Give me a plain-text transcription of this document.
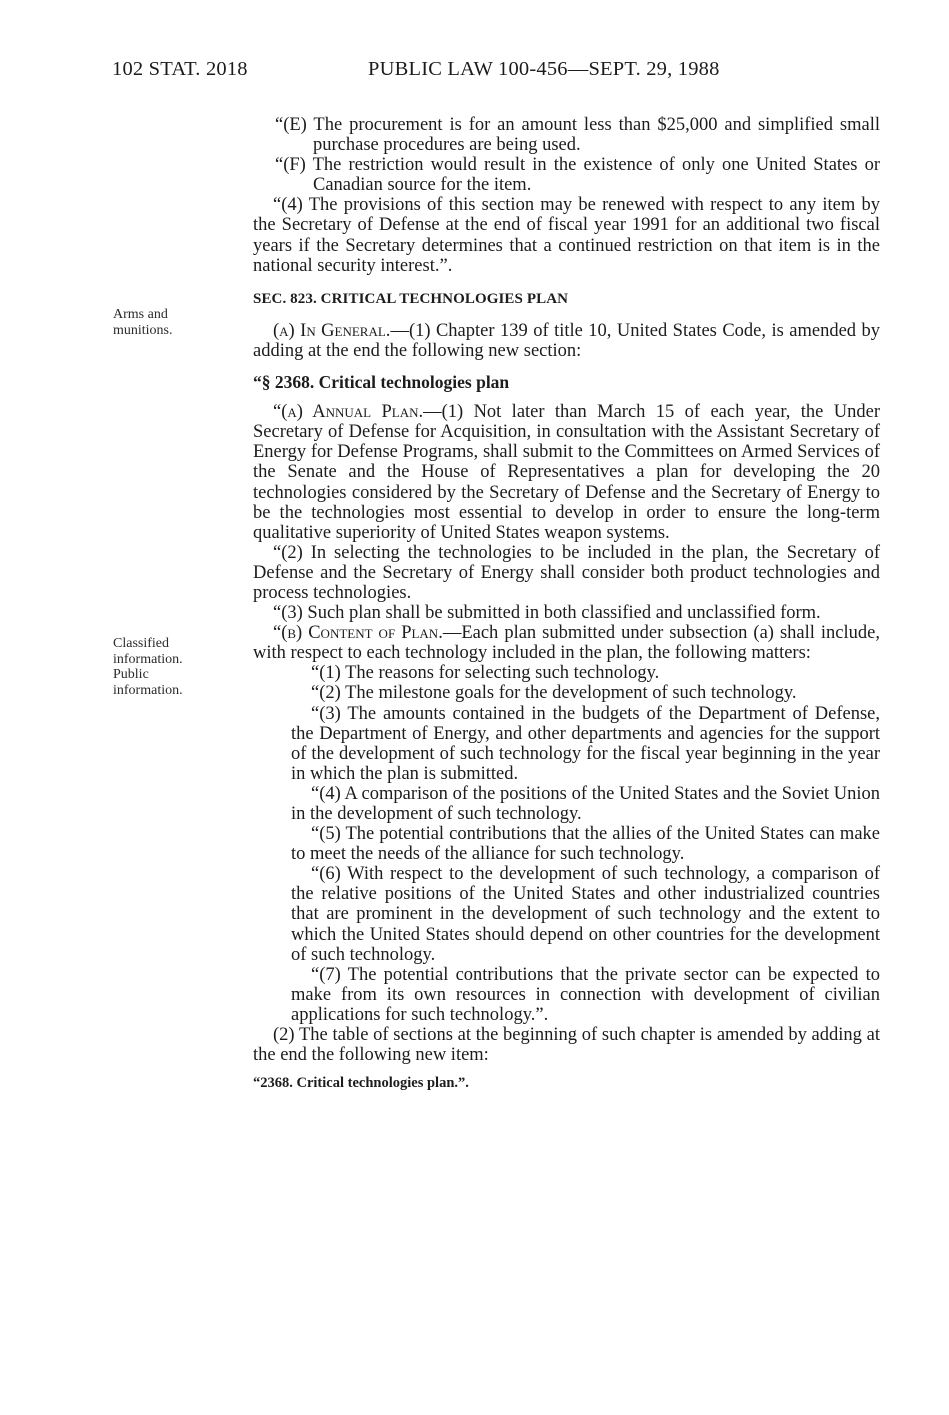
102 STAT. 2018	PUBLIC LAW 100-456—SEPT. 29, 1988
Arms and
munitions.
Classified
information.
Public
information.

“(E) The procurement is for an amount less than $25,000 and simplified small purchase procedures are being used.

“(F) The restriction would result in the existence of only one United States or Canadian source for the item.

“(4) The provisions of this section may be renewed with respect to any item by the Secretary of Defense at the end of fiscal year 1991 for an additional two fiscal years if the Secretary determines that a continued restriction on that item is in the national security interest.”.

SEC. 823. CRITICAL TECHNOLOGIES PLAN

(a) In General.—(1) Chapter 139 of title 10, United States Code, is amended by adding at the end the following new section:

“§ 2368. Critical technologies plan

“(a) Annual Plan.—(1) Not later than March 15 of each year, the Under Secretary of Defense for Acquisition, in consultation with the Assistant Secretary of Energy for Defense Programs, shall submit to the Committees on Armed Services of the Senate and the House of Representatives a plan for developing the 20 technologies considered by the Secretary of Defense and the Secretary of Energy to be the technologies most essential to develop in order to ensure the long-term qualitative superiority of United States weapon systems.

“(2) In selecting the technologies to be included in the plan, the Secretary of Defense and the Secretary of Energy shall consider both product technologies and process technologies.

“(3) Such plan shall be submitted in both classified and unclassified form.

“(b) Content of Plan.—Each plan submitted under subsection (a) shall include, with respect to each technology included in the plan, the following matters:

“(1) The reasons for selecting such technology.

“(2) The milestone goals for the development of such technology.

“(3) The amounts contained in the budgets of the Department of Defense, the Department of Energy, and other departments and agencies for the support of the development of such technology for the fiscal year beginning in the year in which the plan is submitted.

“(4) A comparison of the positions of the United States and the Soviet Union in the development of such technology.

“(5) The potential contributions that the allies of the United States can make to meet the needs of the alliance for such technology.

“(6) With respect to the development of such technology, a comparison of the relative positions of the United States and other industrialized countries that are prominent in the development of such technology and the extent to which the United States should depend on other countries for the development of such technology.

“(7) The potential contributions that the private sector can be expected to make from its own resources in connection with development of civilian applications for such technology.”.

(2) The table of sections at the beginning of such chapter is amended by adding at the end the following new item:

“2368. Critical technologies plan.”.
